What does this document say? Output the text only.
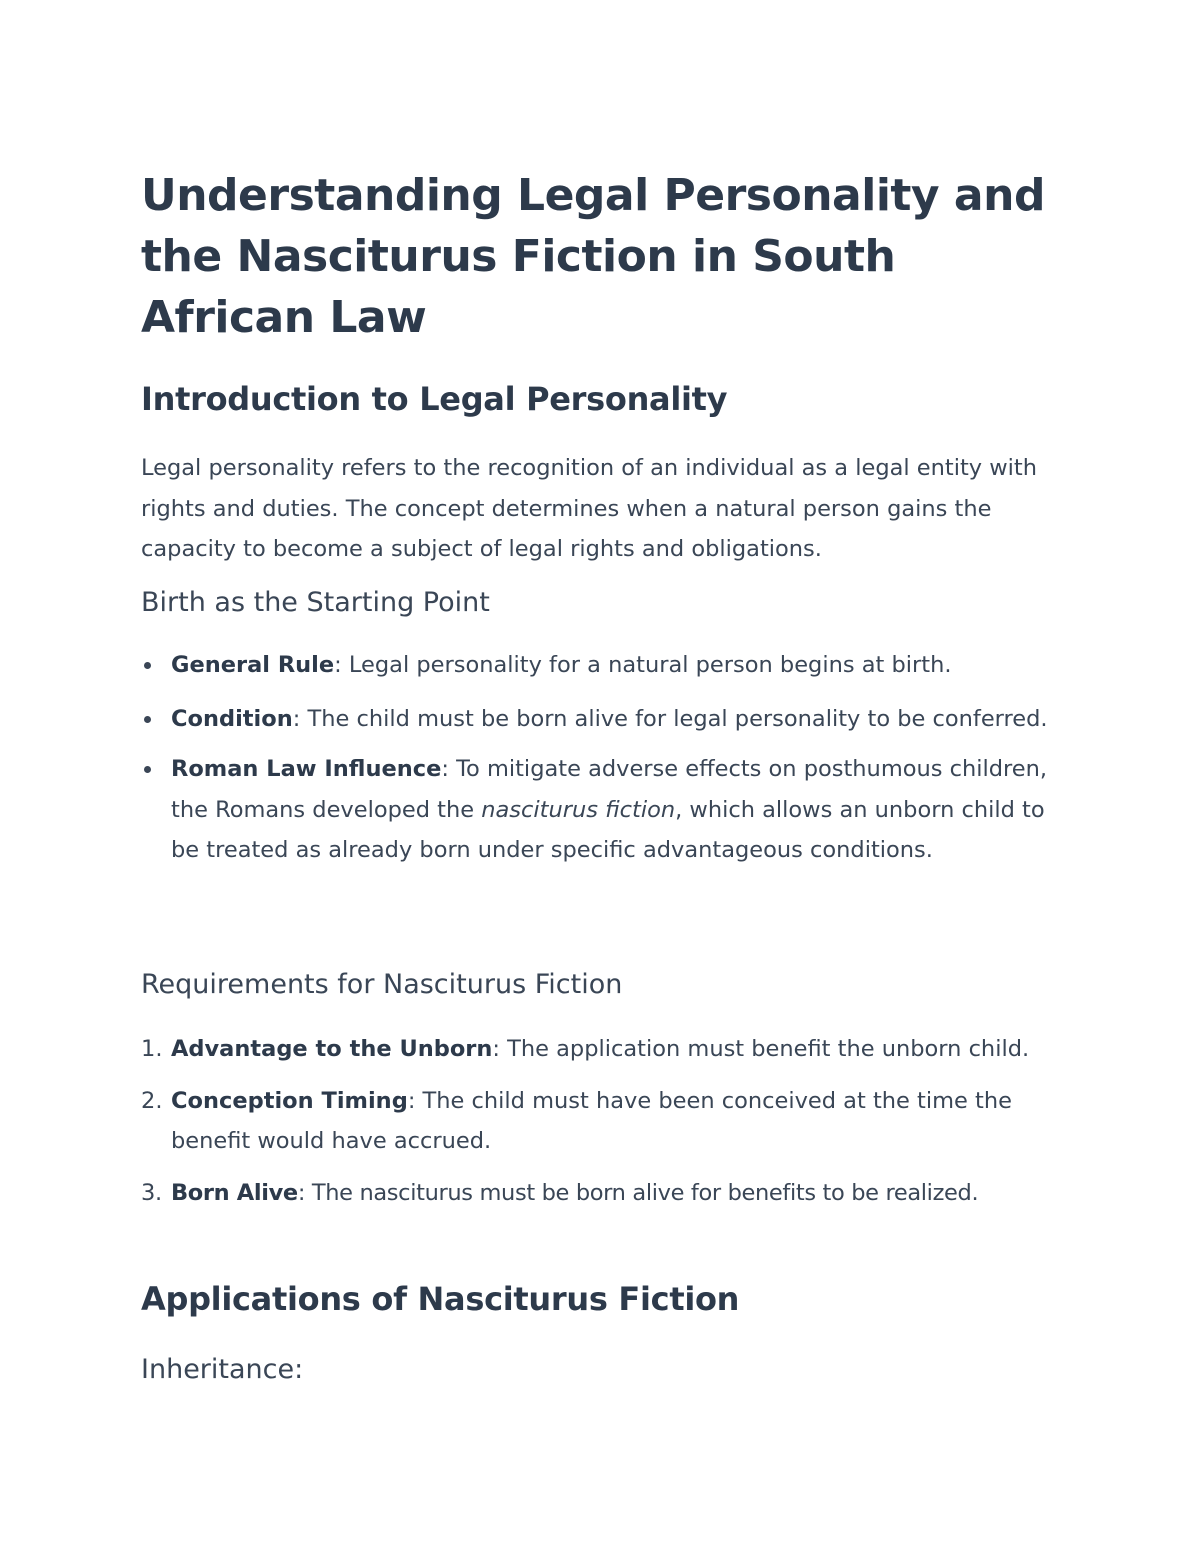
Understanding Legal Personality and the Nasciturus Fiction in South African Law
Introduction to Legal Personality

Legal personality refers to the recognition of an individual as a legal entity with rights and duties. The concept determines when a natural person gains the capacity to become a subject of legal rights and obligations.

Birth as the Starting Point
General Rule: Legal personality for a natural person begins at birth.
Condition: The child must be born alive for legal personality to be conferred.
Roman Law Influence: To mitigate adverse effects on posthumous children, the Romans developed the nasciturus fiction, which allows an unborn child to be treated as already born under specific advantageous conditions.
Requirements for Nasciturus Fiction
1. Advantage to the Unborn: The application must benefit the unborn child.
2. Conception Timing: The child must have been conceived at the time the benefit would have accrued.
3. Born Alive: The nasciturus must be born alive for benefits to be realized.
Applications of Nasciturus Fiction
Inheritance:
